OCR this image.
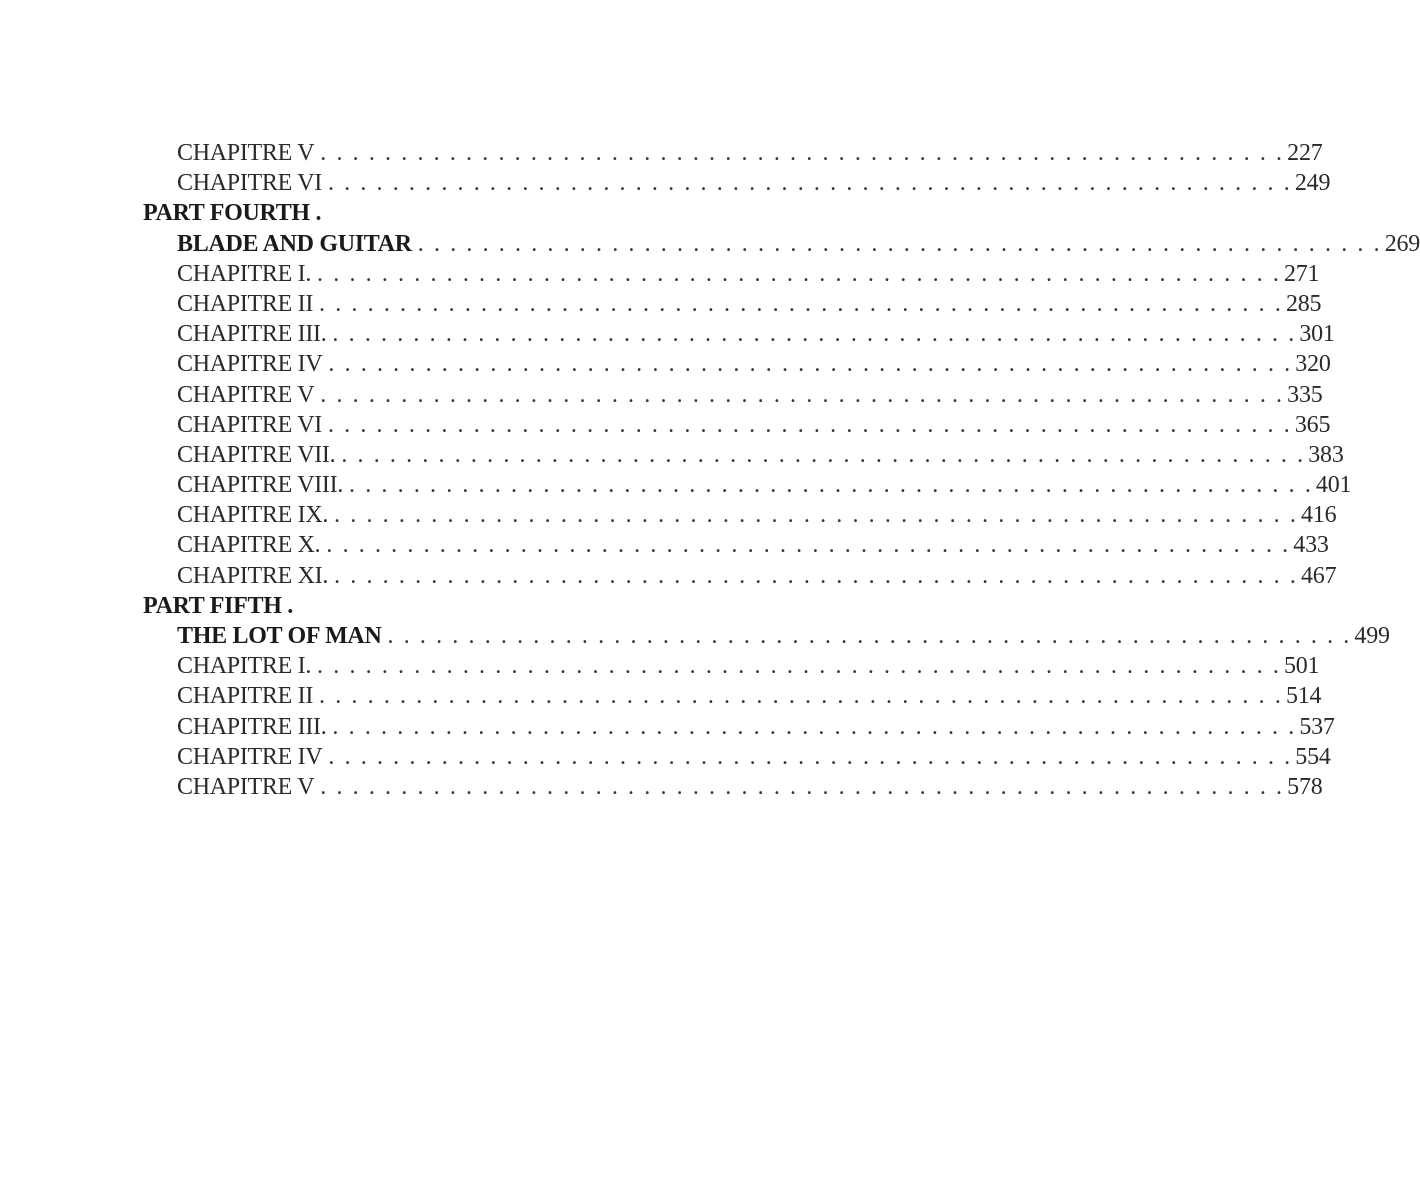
CHAPITRE V . . . . . . . . . . . . . . . . . . . . . . . . . . . . . . . . . . . . . . . . . . . . . . . . . . . . . . . . . . . . 227
CHAPITRE VI . . . . . . . . . . . . . . . . . . . . . . . . . . . . . . . . . . . . . . . . . . . . . . . . . . . . . . . . . . . . 249
PART FOURTH .
BLADE AND GUITAR . . . . . . . . . . . . . . . . . . . . . . . . . . . . . . . . . . . . . . . . . . . . . . . . . . . . . . . . . . . . 269
CHAPITRE I. . . . . . . . . . . . . . . . . . . . . . . . . . . . . . . . . . . . . . . . . . . . . . . . . . . . . . . . . . . . . 271
CHAPITRE II . . . . . . . . . . . . . . . . . . . . . . . . . . . . . . . . . . . . . . . . . . . . . . . . . . . . . . . . . . . . 285
CHAPITRE III. . . . . . . . . . . . . . . . . . . . . . . . . . . . . . . . . . . . . . . . . . . . . . . . . . . . . . . . . . . . . 301
CHAPITRE IV . . . . . . . . . . . . . . . . . . . . . . . . . . . . . . . . . . . . . . . . . . . . . . . . . . . . . . . . . . . . 320
CHAPITRE V . . . . . . . . . . . . . . . . . . . . . . . . . . . . . . . . . . . . . . . . . . . . . . . . . . . . . . . . . . . . 335
CHAPITRE VI . . . . . . . . . . . . . . . . . . . . . . . . . . . . . . . . . . . . . . . . . . . . . . . . . . . . . . . . . . . . 365
CHAPITRE VII. . . . . . . . . . . . . . . . . . . . . . . . . . . . . . . . . . . . . . . . . . . . . . . . . . . . . . . . . . . . . 383
CHAPITRE VIII. . . . . . . . . . . . . . . . . . . . . . . . . . . . . . . . . . . . . . . . . . . . . . . . . . . . . . . . . . . . . 401
CHAPITRE IX. . . . . . . . . . . . . . . . . . . . . . . . . . . . . . . . . . . . . . . . . . . . . . . . . . . . . . . . . . . . . 416
CHAPITRE X. . . . . . . . . . . . . . . . . . . . . . . . . . . . . . . . . . . . . . . . . . . . . . . . . . . . . . . . . . . . . 433
CHAPITRE XI. . . . . . . . . . . . . . . . . . . . . . . . . . . . . . . . . . . . . . . . . . . . . . . . . . . . . . . . . . . . . 467
PART FIFTH .
THE LOT OF MAN . . . . . . . . . . . . . . . . . . . . . . . . . . . . . . . . . . . . . . . . . . . . . . . . . . . . . . . . . . . . 499
CHAPITRE I. . . . . . . . . . . . . . . . . . . . . . . . . . . . . . . . . . . . . . . . . . . . . . . . . . . . . . . . . . . . . 501
CHAPITRE II . . . . . . . . . . . . . . . . . . . . . . . . . . . . . . . . . . . . . . . . . . . . . . . . . . . . . . . . . . . . 514
CHAPITRE III. . . . . . . . . . . . . . . . . . . . . . . . . . . . . . . . . . . . . . . . . . . . . . . . . . . . . . . . . . . . . 537
CHAPITRE IV . . . . . . . . . . . . . . . . . . . . . . . . . . . . . . . . . . . . . . . . . . . . . . . . . . . . . . . . . . . . 554
CHAPITRE V . . . . . . . . . . . . . . . . . . . . . . . . . . . . . . . . . . . . . . . . . . . . . . . . . . . . . . . . . . . . 578
